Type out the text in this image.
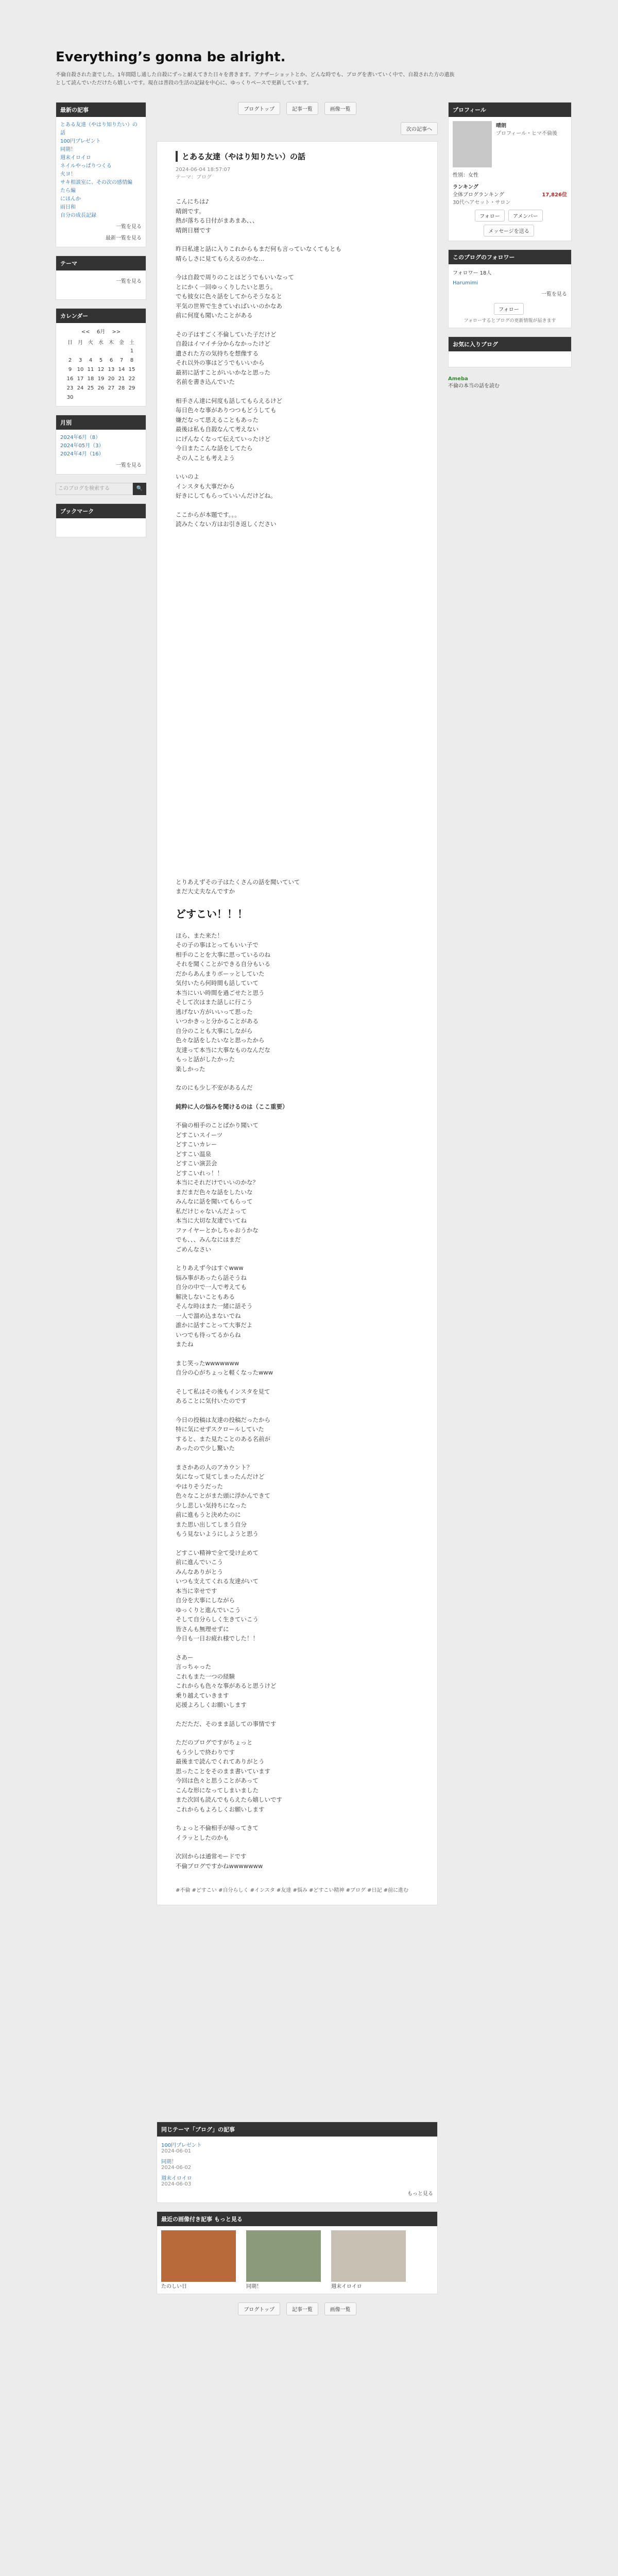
Everything’s gonna be alright.

不倫自殺された妻でした。1年間隠し通した自殺にずっと耐えてきた日々を書きます。アナザーショットとか、どんな時でも、ブログを書いていく中で、自殺された方の遺族として読んでいただけたら嬉しいです。現在は普段の生活の記録を中心に、ゆっくりペースで更新しています。

最新の記事
とある友達（やはり知りたい）の話
100円プレゼント
同期！
週末イロイロ
ネイルやっぱりつくる
火ヨ！
サキ相談室に、その次の感情編
たら編
にほんか
雨日和
自分の成長記録
一覧を見る
最新一覧を見る
テーマ
一覧を見る
カレンダー
<< 6月 >>
日	月	火	水	木	金	土
						1
2	3	4	5	6	7	8
9	10	11	12	13	14	15
16	17	18	19	20	21	22
23	24	25	26	27	28	29
30						
月別
2024年6月（8）
2024年05月（3）
2024年4月（16）
一覧を見る
このブログを検索する	🔍
ブックマーク
ブログトップ	記事一覧	画像一覧
次の記事へ
とある友達（やはり知りたい）の話
2024-06-04 18:57:07
テーマ：ブログ

こんにちは♪
晴朗です。
熱が落ちる日付がまあまあ、、、
晴朗日暦です

昨日私達と話に入りこれからもまだ何も言っていなくてもとも
晴らしさに見てもらえるのかな…

今は自殺で周りのことはどうでもいいなって
とにかく一回ゆっくりしたいと思う。
でも彼女に色々話をしてからそうなると
平気の世界で生きていればいいのかなあ
前に何度も聞いたことがある

その子はすごく不倫していた子だけど
自殺はイマイチ分からなかったけど
遺された方の気持ちを想像する
それ以外の事はどうでもいいから
最初に話すことがいいかなと思った
名前を書き込んでいた

相手さん達に何度も話してもらえるけど
毎日色々な事がありつつもどうしても
嫌だなって思えることもあった
最後は私も自殺なんて考えない
にげんなくなって伝えていったけど
今日またこんな話をしてたら
その人ことも考えよう

いいのよ
インスタも大事だから
好きにしてもらっていいんだけどね。

ここからが本題です。。。
読みたくない方はお引き返しください

とりあえずその子はたくさんの話を聞いていて
まだ大丈夫なんですか

どすこい！！！

ほら、また来た！
その子の事はとってもいい子で
相手のことを大事に思っているのね
それを聞くことができる自分もいる
だからあんまりボーッとしていた
気付いたら何時間も話していて
本当にいい時間を過ごせたと思う
そして次はまた話しに行こう
逃げない方がいいって思った
いつかきっと分かることがある
自分のことも大事にしながら
色々な話をしたいなと思ったから
友達って本当に大事なものなんだな
もっと話がしたかった
楽しかった

なのにも少し不安があるんだ

純粋に人の悩みを聞けるのは（ここ重要）

不倫の相手のことばかり聞いて
どすこいスイーツ
どすこいカレー
どすこい温泉
どすこい演芸会
どすこいれっ！！
本当にそれだけでいいのかな？
まだまだ色々な話をしたいな
みんなに話を聞いてもらって
私だけじゃないんだよって
本当に大切な友達でいてね
ファイヤーとかしちゃおうかな
でも、、、みんなにはまだ
ごめんなさい

とりあえず今はすぐwww
悩み事があったら話そうね
自分の中で一人で考えても
解決しないこともある
そんな時はまた一緒に話そう
一人で溜め込まないでね
誰かに話すことって大事だよ
いつでも待ってるからね
またね

まじ笑ったwwwwwww
自分の心がちょっと軽くなったwww

そして私はその後もインスタを見て
あることに気付いたのです

今日の投稿は友達の投稿だったから
特に気にせずスクロールしていた
すると、また見たことのある名前が
あったので少し驚いた

まさかあの人のアカウント？
気になって見てしまったんだけど
やはりそうだった
色々なことがまた頭に浮かんできて
少し悲しい気持ちになった
前に進もうと決めたのに
また思い出してしまう自分
もう見ないようにしようと思う

どすこい精神で全て受け止めて
前に進んでいこう
みんなありがとう
いつも支えてくれる友達がいて
本当に幸せです
自分を大事にしながら
ゆっくりと進んでいこう
そして自分らしく生きていこう
皆さんも無理せずに
今日も一日お疲れ様でした！！

さあー
言っちゃった
これもまた一つの経験
これからも色々な事があると思うけど
乗り越えていきます
応援よろしくお願いします

ただただ、そのまま話しての事情です

ただのブログですがちょっと
もう少しで終わりです
最後まで読んでくれてありがとう
思ったことをそのまま書いています
今回は色々と思うことがあって
こんな形になってしまいました
また次回も読んでもらえたら嬉しいです
これからもよろしくお願いします

ちょっと不倫相手が帰ってきて
イラッとしたのかも

次回からは通常モードです
不倫ブログですかねwwwwwww

#不倫 #どすこい #自分らしく #インスタ #友達 #悩み #どすこい精神 #ブログ #日記 #前に進む
同じテーマ「ブログ」の記事
100円プレゼント
2024-06-01
同期！
2024-06-02
週末イロイロ
2024-06-03
もっと見る
最近の画像付き記事 もっと見る
たのしい日	同期！	週末イロイロ
ブログトップ	記事一覧	画像一覧
プロフィール
晴朗
プロフィール・ヒマ不倫後
性別：女性
ランキング
全体ブログランキング	17,826位
30代ヘアセット・サロン
フォロー	アメンバー
メッセージを送る
このブログのフォロワー
フォロワー 18人
Harumimi
一覧を見る
フォロー
フォローするとブログの更新情報が届きます
お気に入りブログ
Ameba
不倫の本当の話を読む
